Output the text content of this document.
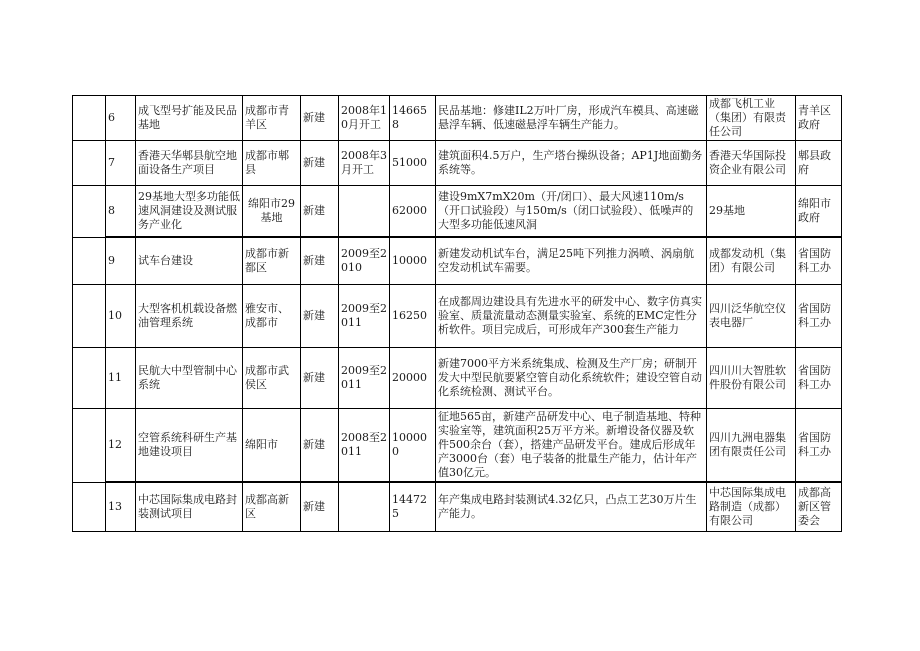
	6	成飞型号扩能及民品基地	成都市青羊区	新建	2008年10月开工	146658	民品基地：修建IL2万叶厂房，形成汽车模具、高速磁悬浮车辆、低速磁悬浮车辆生产能力。	成都飞机工业（集团）有限责任公司	青羊区政府
	7	香港天华郫县航空地面设备生产项目	成都市郫县	新建	2008年3月开工	51000	建筑面积4.5万户，生产塔台操纵设备；AP1J地面勤务系统等。	香港天华国际投资企业有限公司	郫县政府
	8	29基地大型多功能低速风洞建设及测试服务产业化	绵阳市29基地	新建		62000	建设9mX7mX20m（开/闭口）、最大风速110m/s（开口试验段）与150m/s（闭口试验段）、低噪声的大型多功能低速风洞	29基地	绵阳市政府
	9	试车台建设	成都市新都区	新建	2009至2010	10000	新建发动机试车台，满足25吨下列推力涡喷、涡扇航空发动机试车需要。	成都发动机（集团）有限公司	省国防科工办
	10	大型客机机载设备燃油管理系统	雅安市、成都市	新建	2009至2011	16250	在成都周边建设具有先进水平的研发中心、数字仿真实验室、质量流量动态测量实验室、系统的EMC定性分析软件。项目完成后，可形成年产300套生产能力	四川泛华航空仪表电器厂	省国防科工办
	11	民航大中型管制中心系统	成都市武侯区	新建	2009至2011	20000	新建7000平方米系统集成、检测及生产厂房；研制开发大中型民航要紧空管自动化系统软件；建设空管自动化系统检测、测试平台。	四川川大智胜软件股份有限公司	省国防科工办
	12	空管系统科研生产基地建设项目	绵阳市	新建	2008至2011	100000	征地565亩，新建产品研发中心、电子制造基地、特种实验室等，建筑面积25万平方米。新增设备仪器及软件500余台（套），搭建产品研发平台。建成后形成年产3000台（套）电子装备的批量生产能力，估计年产值30亿元。	四川九洲电器集团有限责任公司	省国防科工办
	13	中芯国际集成电路封装测试项目	成都高新区	新建		144725	年产集成电路封装测试4.32亿只，凸点工艺30万片生产能力。	中芯国际集成电路制造（成都）有限公司	成都高新区管委会
